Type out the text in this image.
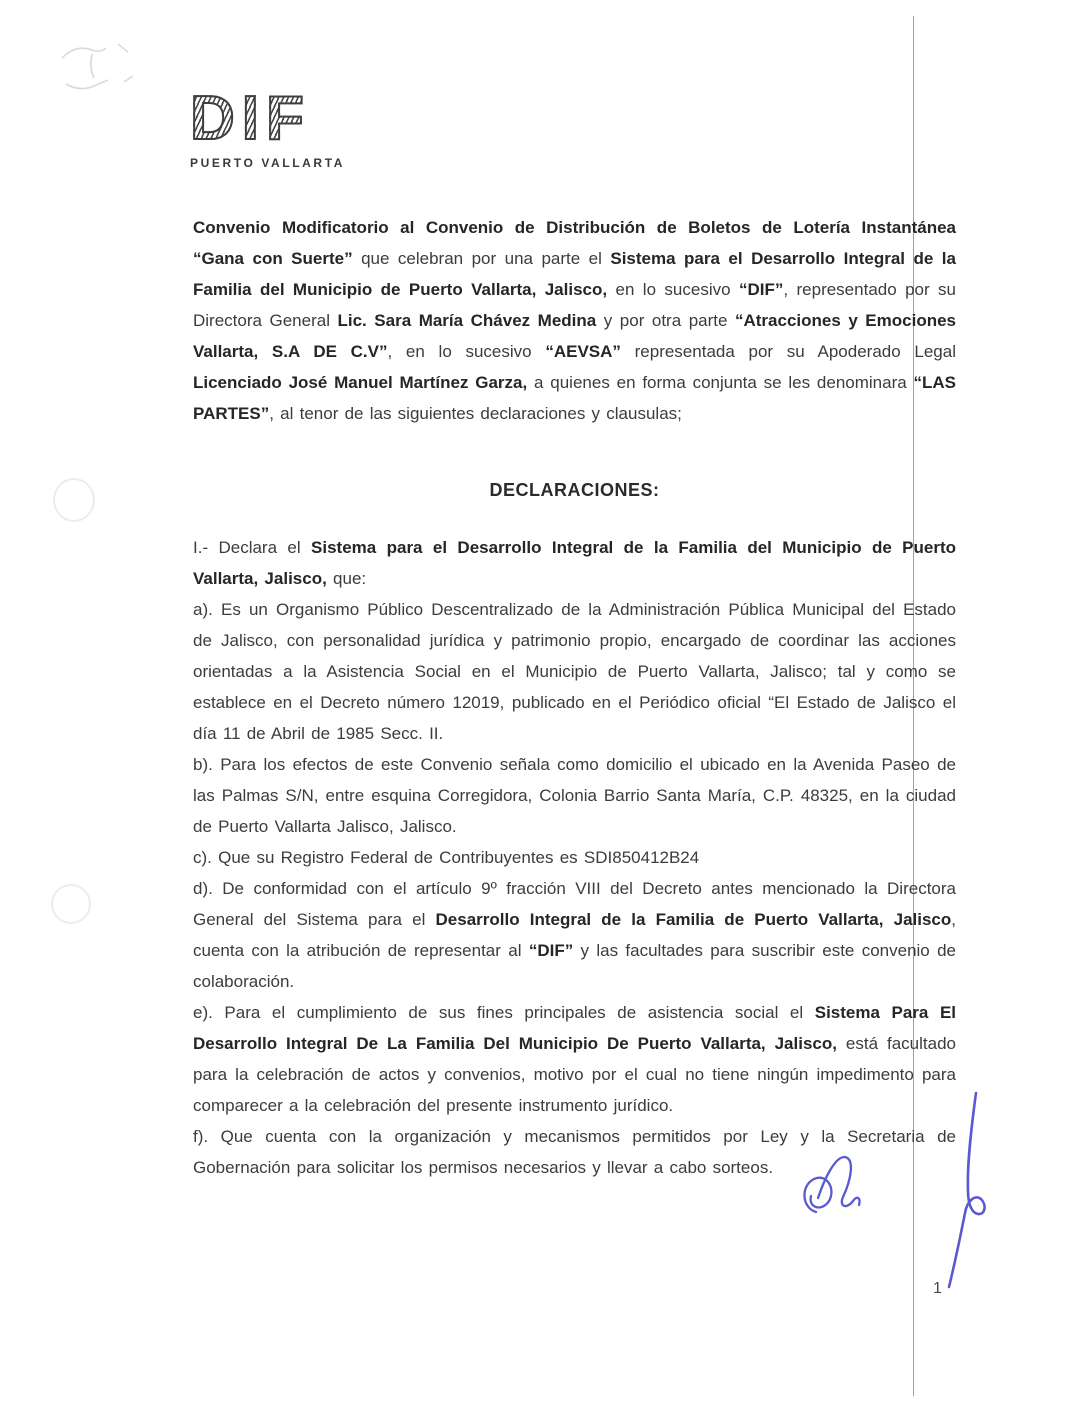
DIF
PUERTO VALLARTA

Convenio Modificatorio al Convenio de Distribución de Boletos de Lotería Instantánea “Gana con Suerte” que celebran por una parte el Sistema para el Desarrollo Integral de la Familia del Municipio de Puerto Vallarta, Jalisco, en lo sucesivo “DIF”, representado por su Directora General Lic. Sara María Chávez Medina y por otra parte “Atracciones y Emociones Vallarta, S.A DE C.V”, en lo sucesivo “AEVSA” representada por su Apoderado Legal Licenciado José Manuel Martínez Garza, a quienes en forma conjunta se les denominara “LAS PARTES”, al tenor de las siguientes declaraciones y clausulas;

DECLARACIONES:

I.- Declara el Sistema para el Desarrollo Integral de la Familia del Municipio de Puerto Vallarta, Jalisco, que:

a). Es un Organismo Público Descentralizado de la Administración Pública Municipal del Estado de Jalisco, con personalidad jurídica y patrimonio propio, encargado de coordinar las acciones orientadas a la Asistencia Social en el Municipio de Puerto Vallarta, Jalisco; tal y como se establece en el Decreto número 12019, publicado en el Periódico oficial “El Estado de Jalisco el día 11 de Abril de 1985 Secc. II.

b). Para los efectos de este Convenio señala como domicilio el ubicado en la Avenida Paseo de las Palmas S/N, entre esquina Corregidora, Colonia Barrio Santa María, C.P. 48325, en la ciudad de Puerto Vallarta Jalisco, Jalisco.

c). Que su Registro Federal de Contribuyentes es SDI850412B24

d). De conformidad con el artículo 9º fracción VIII del Decreto antes mencionado la Directora General del Sistema para el Desarrollo Integral de la Familia de Puerto Vallarta, Jalisco, cuenta con la atribución de representar al “DIF” y las facultades para suscribir este convenio de colaboración.

e). Para el cumplimiento de sus fines principales de asistencia social el Sistema Para El Desarrollo Integral De La Familia Del Municipio De Puerto Vallarta, Jalisco, está facultado para la celebración de actos y convenios, motivo por el cual no tiene ningún impedimento para comparecer a la celebración del presente instrumento jurídico.

f). Que cuenta con la organización y mecanismos permitidos por Ley y la Secretaria de Gobernación para solicitar los permisos necesarios y llevar a cabo sorteos.

1
